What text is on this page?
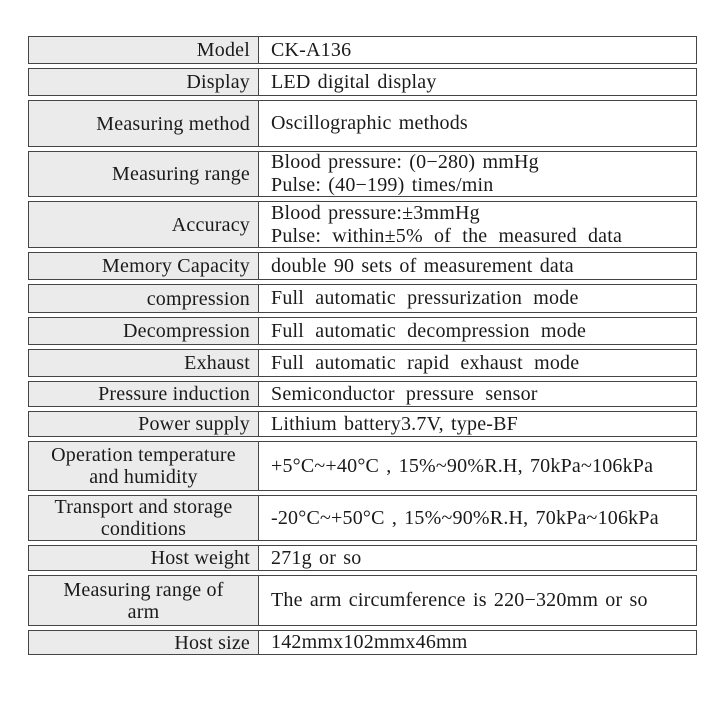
Model CK-A136
Display LED digital display
Measuring method Oscillographic methods
Measuring range
Blood pressure: (0−280) mmHg
Pulse: (40−199) times/min
Accuracy
Blood pressure:±3mmHg
Pulse: within±5% of the measured data
Memory Capacity double 90 sets of measurement data
compression Full automatic pressurization mode
Decompression Full automatic decompression mode
Exhaust Full automatic rapid exhaust mode
Pressure induction Semiconductor pressure sensor
Power supply Lithium battery3.7V, type-BF
Operation temperature
and humidity
+5°C~+40°C , 15%~90%R.H, 70kPa~106kPa
Transport and storage
conditions
-20°C~+50°C , 15%~90%R.H, 70kPa~106kPa
Host weight 271g or so
Measuring range of
arm
The arm circumference is 220−320mm or so
Host size 142mmx102mmx46mm
